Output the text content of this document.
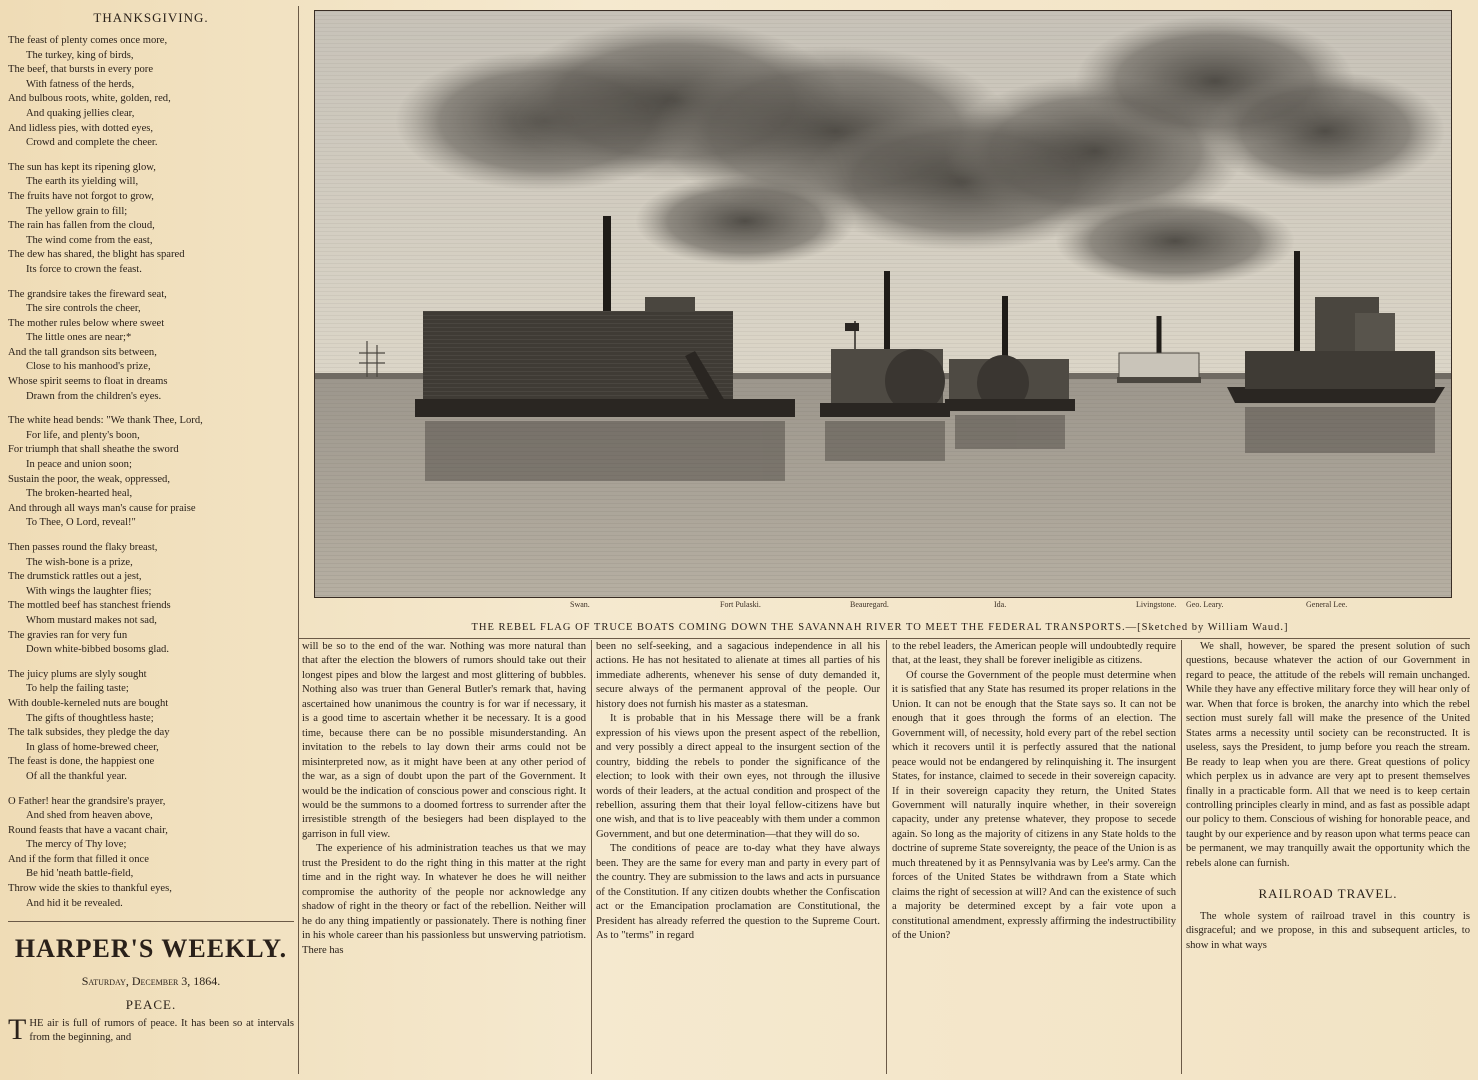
THANKSGIVING.
The feast of plenty comes once more,
The turkey, king of birds,
The beef, that bursts in every pore
With fatness of the herds,
And bulbous roots, white, golden, red,
And quaking jellies clear,
And lidless pies, with dotted eyes,
Crowd and complete the cheer.
The sun has kept its ripening glow,
The earth its yielding will,
The fruits have not forgot to grow,
The yellow grain to fill;
The rain has fallen from the cloud,
The wind come from the east,
The dew has shared, the blight has spared
Its force to crown the feast.
The grandsire takes the fireward seat,
The sire controls the cheer,
The mother rules below where sweet
The little ones are near;*
And the tall grandson sits between,
Close to his manhood's prize,
Whose spirit seems to float in dreams
Drawn from the children's eyes.
The white head bends: "We thank Thee, Lord,
For life, and plenty's boon,
For triumph that shall sheathe the sword
In peace and union soon;
Sustain the poor, the weak, oppressed,
The broken-hearted heal,
And through all ways man's cause for praise
To Thee, O Lord, reveal!"
Then passes round the flaky breast,
The wish-bone is a prize,
The drumstick rattles out a jest,
With wings the laughter flies;
The mottled beef has stanchest friends
Whom mustard makes not sad,
The gravies ran for very fun
Down white-bibbed bosoms glad.
The juicy plums are slyly sought
To help the failing taste;
With double-kerneled nuts are bought
The gifts of thoughtless haste;
The talk subsides, they pledge the day
In glass of home-brewed cheer,
The feast is done, the happiest one
Of all the thankful year.
O Father! hear the grandsire's prayer,
And shed from heaven above,
Round feasts that have a vacant chair,
The mercy of Thy love;
And if the form that filled it once
Be hid 'neath battle-field,
Throw wide the skies to thankful eyes,
And hid it be revealed.
HARPER'S WEEKLY.
Saturday, December 3, 1864.
PEACE.
THE air is full of rumors of peace. It has been so at intervals from the beginning, and
Swan.	Fort Pulaski.	Beauregard.	Ida.	Livingstone. Geo. Leary.	General Lee.
THE REBEL FLAG OF TRUCE BOATS COMING DOWN THE SAVANNAH RIVER TO MEET THE FEDERAL TRANSPORTS.—[Sketched by William Waud.]

will be so to the end of the war. Nothing was more natural than that after the election the blowers of rumors should take out their longest pipes and blow the largest and most glittering of bubbles. Nothing also was truer than General Butler's remark that, having ascertained how unanimous the country is for war if necessary, it is a good time to ascertain whether it be necessary. It is a good time, because there can be no possible misunderstanding. An invitation to the rebels to lay down their arms could not be misinterpreted now, as it might have been at any other period of the war, as a sign of doubt upon the part of the Government. It would be the indication of conscious power and conscious right. It would be the summons to a doomed fortress to surrender after the irresistible strength of the besiegers had been displayed to the garrison in full view.

The experience of his administration teaches us that we may trust the President to do the right thing in this matter at the right time and in the right way. In whatever he does he will neither compromise the authority of the people nor acknowledge any shadow of right in the theory or fact of the rebellion. Neither will he do any thing impatiently or passionately. There is nothing finer in his whole career than his passionless but unswerving patriotism. There has

been no self-seeking, and a sagacious independence in all his actions. He has not hesitated to alienate at times all parties of his immediate adherents, whenever his sense of duty demanded it, secure always of the permanent approval of the people. Our history does not furnish his master as a statesman.

It is probable that in his Message there will be a frank expression of his views upon the present aspect of the rebellion, and very possibly a direct appeal to the insurgent section of the country, bidding the rebels to ponder the significance of the election; to look with their own eyes, not through the illusive words of their leaders, at the actual condition and prospect of the rebellion, assuring them that their loyal fellow-citizens have but one wish, and that is to live peaceably with them under a common Government, and but one determination—that they will do so.

The conditions of peace are to-day what they have always been. They are the same for every man and party in every part of the country. They are submission to the laws and acts in pursuance of the Constitution. If any citizen doubts whether the Confiscation act or the Emancipation proclamation are Constitutional, the President has already referred the question to the Supreme Court. As to "terms" in regard

to the rebel leaders, the American people will undoubtedly require that, at the least, they shall be forever ineligible as citizens.

Of course the Government of the people must determine when it is satisfied that any State has resumed its proper relations in the Union. It can not be enough that the State says so. It can not be enough that it goes through the forms of an election. The Government will, of necessity, hold every part of the rebel section which it recovers until it is perfectly assured that the national peace would not be endangered by relinquishing it. The insurgent States, for instance, claimed to secede in their sovereign capacity. If in their sovereign capacity they return, the United States Government will naturally inquire whether, in their sovereign capacity, under any pretense whatever, they propose to secede again. So long as the majority of citizens in any State holds to the doctrine of supreme State sovereignty, the peace of the Union is as much threatened by it as Pennsylvania was by Lee's army. Can the forces of the United States be withdrawn from a State which claims the right of secession at will? And can the existence of such a majority be determined except by a fair vote upon a constitutional amendment, expressly affirming the indestructibility of the Union?

We shall, however, be spared the present solution of such questions, because whatever the action of our Government in regard to peace, the attitude of the rebels will remain unchanged. While they have any effective military force they will hear only of war. When that force is broken, the anarchy into which the rebel section must surely fall will make the presence of the United States arms a necessity until society can be reconstructed. It is useless, says the President, to jump before you reach the stream. Be ready to leap when you are there. Great questions of policy which perplex us in advance are very apt to present themselves finally in a practicable form. All that we need is to keep certain controlling principles clearly in mind, and as fast as possible adapt our policy to them. Conscious of wishing for honorable peace, and taught by our experience and by reason upon what terms peace can be permanent, we may tranquilly await the opportunity which the rebels alone can furnish.

RAILROAD TRAVEL.

The whole system of railroad travel in this country is disgraceful; and we propose, in this and subsequent articles, to show in what ways
